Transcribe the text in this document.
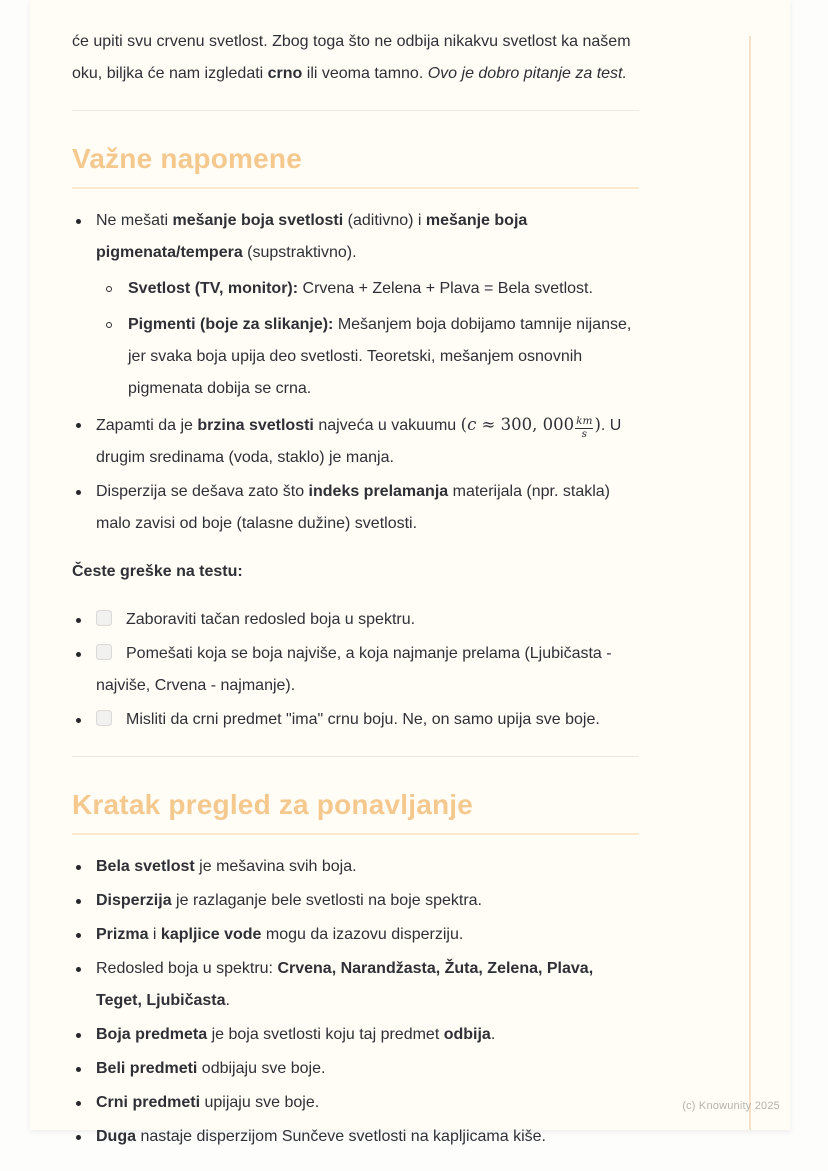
će upiti svu crvenu svetlost. Zbog toga što ne odbija nikakvu svetlost ka našem oku, biljka će nam izgledati crno ili veoma tamno. Ovo je dobro pitanje za test.

Važne napomene
Ne mešati mešanje boja svetlosti (aditivno) i mešanje boja pigmenata/tempera (supstraktivno).
Svetlost (TV, monitor): Crvena + Zelena + Plava = Bela svetlost.
Pigmenti (boje za slikanje): Mešanjem boja dobijamo tamnije nijanse, jer svaka boja upija deo svetlosti. Teoretski, mešanjem osnovnih pigmenata dobija se crna.
Zapamti da je brzina svetlosti najveća u vakuumu (c ≈ 300, $000 \frac{km}{s}$ ). U drugim sredinama (voda, staklo) je manja.
Disperzija se dešava zato što indeks prelamanja materijala (npr. stakla) malo zavisi od boje (talasne dužine) svetlosti.

Česte greške na testu:

Zaboraviti tačan redosled boja u spektru.
Pomešati koja se boja najviše, a koja najmanje prelama (Ljubičasta - najviše, Crvena - najmanje).
Misliti da crni predmet "ima" crnu boju. Ne, on samo upija sve boje.
Kratak pregled za ponavljanje
Bela svetlost je mešavina svih boja.
Disperzija je razlaganje bele svetlosti na boje spektra.
Prizma i kapljice vode mogu da izazovu disperziju.
Redosled boja u spektru: Crvena, Narandžasta, Žuta, Zelena, Plava, Teget, Ljubičasta.
Boja predmeta je boja svetlosti koju taj predmet odbija.
Beli predmeti odbijaju sve boje.
Crni predmeti upijaju sve boje.
Duga nastaje disperzijom Sunčeve svetlosti na kapljicama kiše.
(c) Knowunity 2025
